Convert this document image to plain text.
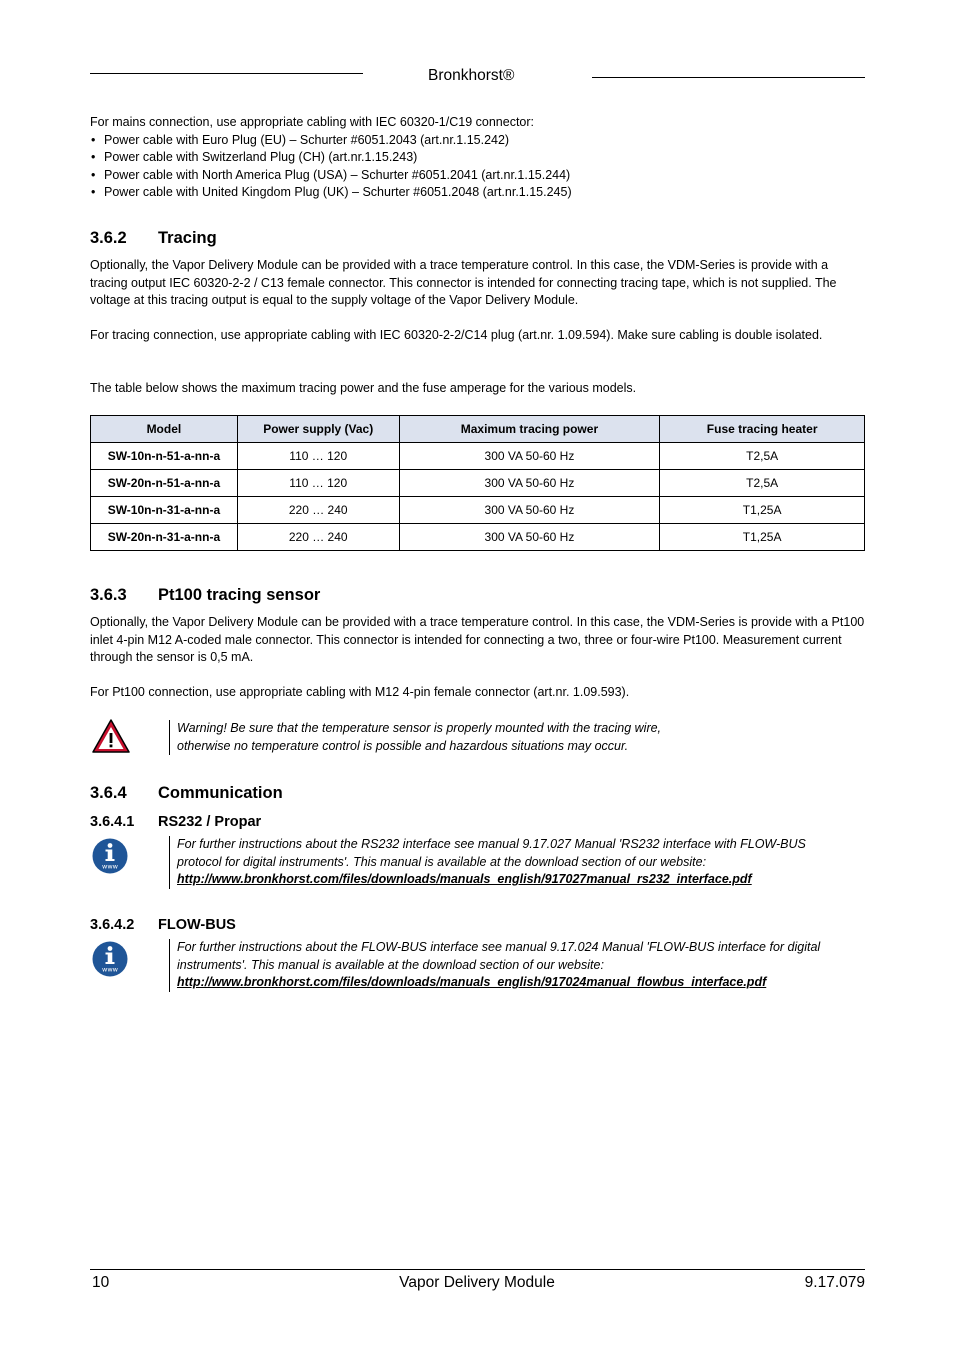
Bronkhorst®

For mains connection, use appropriate cabling with IEC 60320-1/C19 connector:

• Power cable with Euro Plug (EU) – Schurter #6051.2043 (art.nr.1.15.242)
• Power cable with Switzerland Plug (CH) (art.nr.1.15.243)
• Power cable with North America Plug (USA) – Schurter #6051.2041 (art.nr.1.15.244)
• Power cable with United Kingdom Plug (UK) – Schurter #6051.2048 (art.nr.1.15.245)
3.6.2 Tracing

Optionally, the Vapor Delivery Module can be provided with a trace temperature control. In this case, the VDM-Series is provide with a tracing output IEC 60320-2-2 / C13 female connector. This connector is intended for connecting tracing tape, which is not supplied. The voltage at this tracing output is equal to the supply voltage of the Vapor Delivery Module.

For tracing connection, use appropriate cabling with IEC 60320-2-2/C14 plug (art.nr. 1.09.594). Make sure cabling is double isolated.

The table below shows the maximum tracing power and the fuse amperage for the various models.

Model	Power supply (Vac)	Maximum tracing power	Fuse tracing heater
SW-10n-n-51-a-nn-a	110 … 120	300 VA 50-60 Hz	T2,5A
SW-20n-n-51-a-nn-a	110 … 120	300 VA 50-60 Hz	T2,5A
SW-10n-n-31-a-nn-a	220 … 240	300 VA 50-60 Hz	T1,25A
SW-20n-n-31-a-nn-a	220 … 240	300 VA 50-60 Hz	T1,25A
3.6.3 Pt100 tracing sensor

Optionally, the Vapor Delivery Module can be provided with a trace temperature control. In this case, the VDM-Series is provide with a Pt100 inlet 4-pin M12 A-coded male connector. This connector is intended for connecting a two, three or four-wire Pt100. Measurement current through the sensor is 0,5 mA.

For Pt100 connection, use appropriate cabling with M12 4-pin female connector (art.nr. 1.09.593).

Warning! Be sure that the temperature sensor is properly mounted with the tracing wire,
otherwise no temperature control is possible and hazardous situations may occur.
3.6.4 Communication
3.6.4.1 RS232 / Propar
www
For further instructions about the RS232 interface see manual 9.17.027 Manual 'RS232 interface with FLOW-BUS
protocol for digital instruments'. This manual is available at the download section of our website:
http://www.bronkhorst.com/files/downloads/manuals_english/917027manual_rs232_interface.pdf
3.6.4.2 FLOW-BUS
www
For further instructions about the FLOW-BUS interface see manual 9.17.024 Manual 'FLOW-BUS interface for digital
instruments'. This manual is available at the download section of our website:
http://www.bronkhorst.com/files/downloads/manuals_english/917024manual_flowbus_interface.pdf
10	Vapor Delivery Module	9.17.079
